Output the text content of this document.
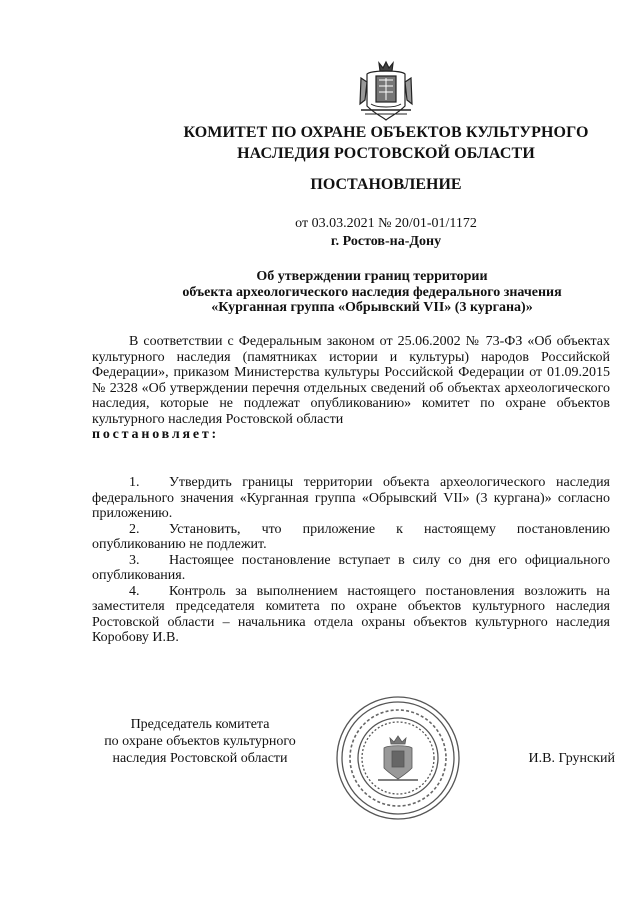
КОМИТЕТ ПО ОХРАНЕ ОБЪЕКТОВ КУЛЬТУРНОГО
НАСЛЕДИЯ РОСТОВСКОЙ ОБЛАСТИ
ПОСТАНОВЛЕНИЕ
от 03.03.2021 № 20/01-01/1172
г. Ростов-на-Дону
Об утверждении границ территории
объекта археологического наследия федерального значения
«Курганная группа «Обрывский VII» (3 кургана)»

В соответствии с Федеральным законом от 25.06.2002 № 73-ФЗ «Об объектах культурного наследия (памятниках истории и культуры) народов Российской Федерации», приказом Министерства культуры Российской Федерации от 01.09.2015 № 2328 «Об утверждении перечня отдельных сведений об объектах археологического наследия, которые не подлежат опубликованию» комитет по охране объектов культурного наследия Ростовской области
постановляет:

1. Утвердить границы территории объекта археологического наследия федерального значения «Курганная группа «Обрывский VII» (3 кургана)» согласно приложению.

2. Установить, что приложение к настоящему постановлению опубликованию не подлежит.

3. Настоящее постановление вступает в силу со дня его официального опубликования.

4. Контроль за выполнением настоящего постановления возложить на заместителя председателя комитета по охране объектов культурного наследия Ростовской области – начальника отдела охраны объектов культурного наследия Коробову И.В.

Председатель комитета
по охране объектов культурного
наследия Ростовской области	И.В. Грунский
